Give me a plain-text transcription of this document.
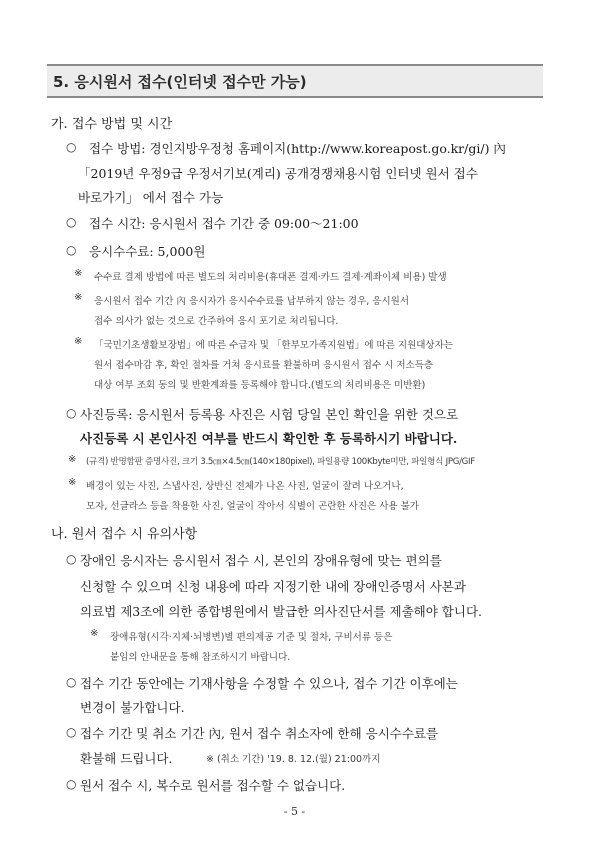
5. 응시원서 접수(인터넷 접수만 가능)
가. 접수 방법 및 시간
○ 접수 방법: 경인지방우정청 홈페이지(http://www.koreapost.go.kr/gi/) 內
「2019년 우정9급 우정서기보(계리) 공개경쟁채용시험 인터넷 원서 접수
바로가기」 에서 접수 가능
○ 접수 시간: 응시원서 접수 기간 중 09:00～21:00
○ 응시수수료: 5,000원
※ 수수료 결제 방법에 따른 별도의 처리비용(휴대폰 결제·카드 결제·계좌이체 비용) 발생
※ 응시원서 접수 기간 內 응시자가 응시수수료를 납부하지 않는 경우, 응시원서
접수 의사가 없는 것으로 간주하여 응시 포기로 처리됩니다.
※ 「국민기초생활보장법」에 따른 수급자 및 「한부모가족지원법」에 따른 지원대상자는
원서 접수마감 후, 확인 절차를 거쳐 응시료를 환불하며 응시원서 접수 시 저소득층
대상 여부 조회 동의 및 반환계좌를 등록해야 합니다.(별도의 처리비용은 미반환)
○ 사진등록: 응시원서 등록용 사진은 시험 당일 본인 확인을 위한 것으로
사진등록 시 본인사진 여부를 반드시 확인한 후 등록하시기 바랍니다.
※ (규격) 반명함판 증명사진, 크기 3.5㎝×4.5㎝(140×180pixel), 파일용량 100Kbyte미만, 파일형식 JPG/GIF
※ 배경이 있는 사진, 스냅사진, 상반신 전체가 나온 사진, 얼굴이 잘려 나오거나,
모자, 선글라스 등을 착용한 사진, 얼굴이 작아서 식별이 곤란한 사진은 사용 불가
나. 원서 접수 시 유의사항
○ 장애인 응시자는 응시원서 접수 시, 본인의 장애유형에 맞는 편의를
신청할 수 있으며 신청 내용에 따라 지정기한 내에 장애인증명서 사본과
의료법 제3조에 의한 종합병원에서 발급한 의사진단서를 제출해야 합니다.
※ 장애유형(시각·지체·뇌병변)별 편의제공 기준 및 절차, 구비서류 등은
붙임의 안내문을 통해 참조하시기 바랍니다.
○ 접수 기간 동안에는 기재사항을 수정할 수 있으나, 접수 기간 이후에는
변경이 불가합니다.
○ 접수 기간 및 취소 기간 內, 원서 접수 취소자에 한해 응시수수료를
환불해 드립니다.	※ (취소 기간) '19. 8. 12.(월) 21:00까지
○ 원서 접수 시, 복수로 원서를 접수할 수 없습니다.
- 5 -
